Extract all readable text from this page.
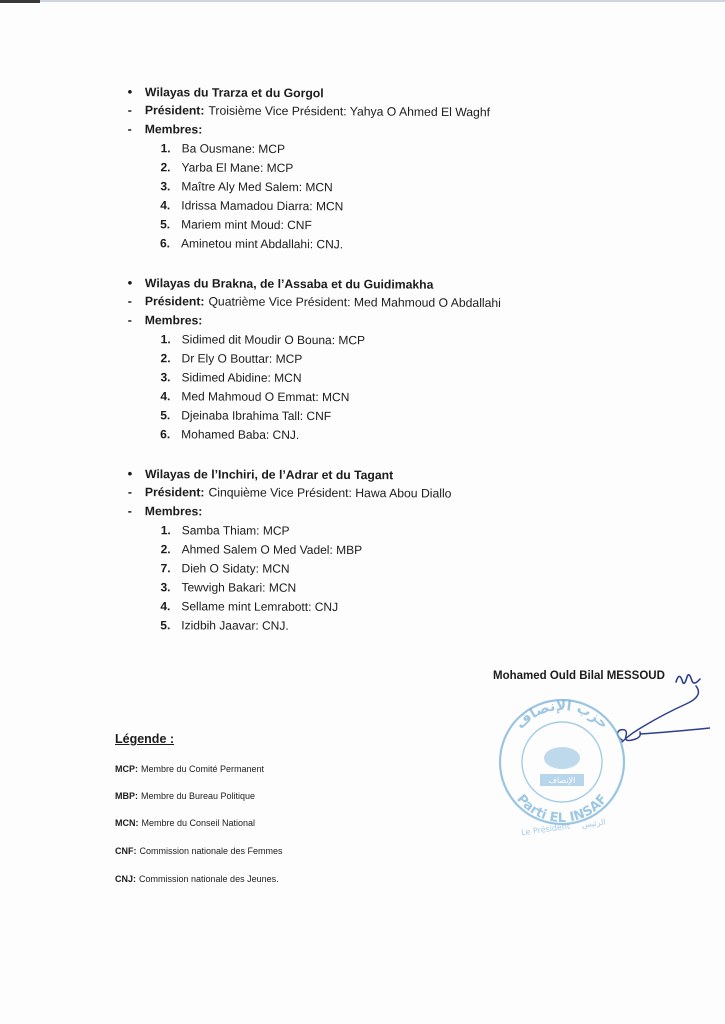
•	Wilayas du Trarza et du Gorgol
-	Président: Troisième Vice Président: Yahya O Ahmed El Waghf
-	Membres:
1. Ba Ousmane: MCP
2. Yarba El Mane: MCP
3. Maître Aly Med Salem: MCN
4. Idrissa Mamadou Diarra: MCN
5. Mariem mint Moud: CNF
6. Aminetou mint Abdallahi: CNJ.
•	Wilayas du Brakna, de l’Assaba et du Guidimakha
-	Président: Quatrième Vice Président: Med Mahmoud O Abdallahi
-	Membres:
1. Sidimed dit Moudir O Bouna: MCP
2. Dr Ely O Bouttar: MCP
3. Sidimed Abidine: MCN
4. Med Mahmoud O Emmat: MCN
5. Djeinaba Ibrahima Tall: CNF
6. Mohamed Baba: CNJ.
•	Wilayas de l’Inchiri, de l’Adrar et du Tagant
-	Président: Cinquième Vice Président: Hawa Abou Diallo
-	Membres:
1. Samba Thiam: MCP
2. Ahmed Salem O Med Vadel: MBP
7. Dieh O Sidaty: MCN
3. Tewvigh Bakari: MCN
4. Sellame mint Lemrabott: CNJ
5. Izidbih Jaavar: CNJ.
Mohamed Ould Bilal MESSOUD
حزب الإنصاف
Parti EL INSAF
الإنصاف
Le Président الرئيس
Légende :
MCP: Membre du Comité Permanent
MBP: Membre du Bureau Politique
MCN: Membre du Conseil National
CNF: Commission nationale des Femmes
CNJ: Commission nationale des Jeunes.
